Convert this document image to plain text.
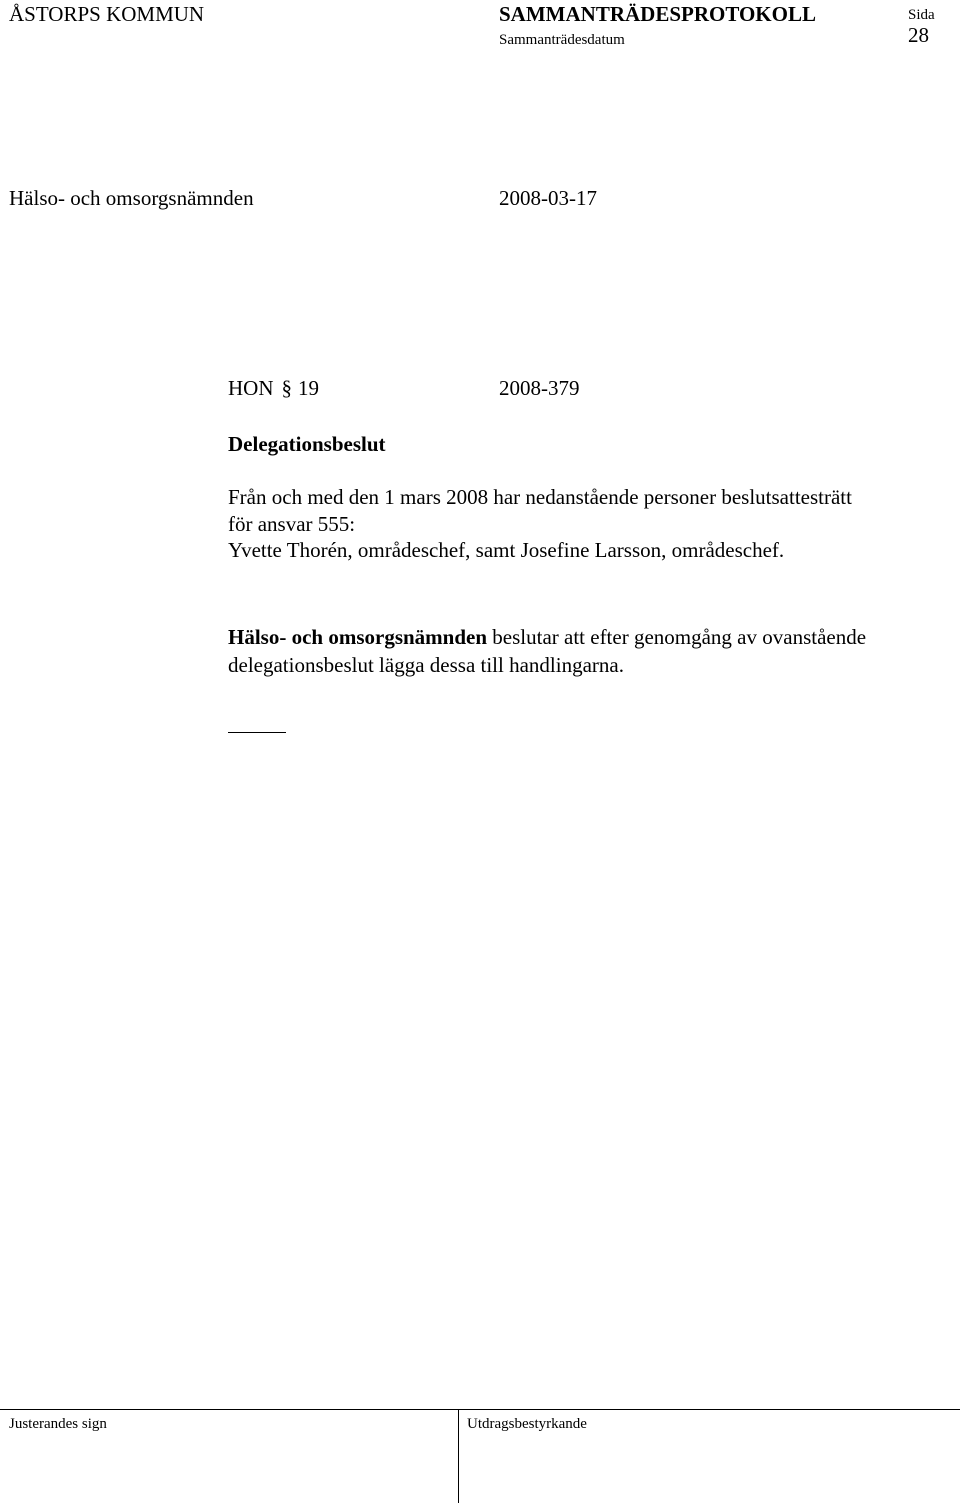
ÅSTORPS KOMMUN	SAMMANTRÄDESPROTOKOLL	Sida
28
Sammanträdesdatum
Hälso- och omsorgsnämnden	2008-03-17
HON § 19	2008-379
Delegationsbeslut
Från och med den 1 mars 2008 har nedanstående personer beslutsattesträtt
för ansvar 555:
Yvette Thorén, områdeschef, samt Josefine Larsson, områdeschef.
Hälso- och omsorgsnämnden beslutar att efter genomgång av ovanstående
delegationsbeslut lägga dessa till handlingarna.
Justerandes sign	Utdragsbestyrkande
